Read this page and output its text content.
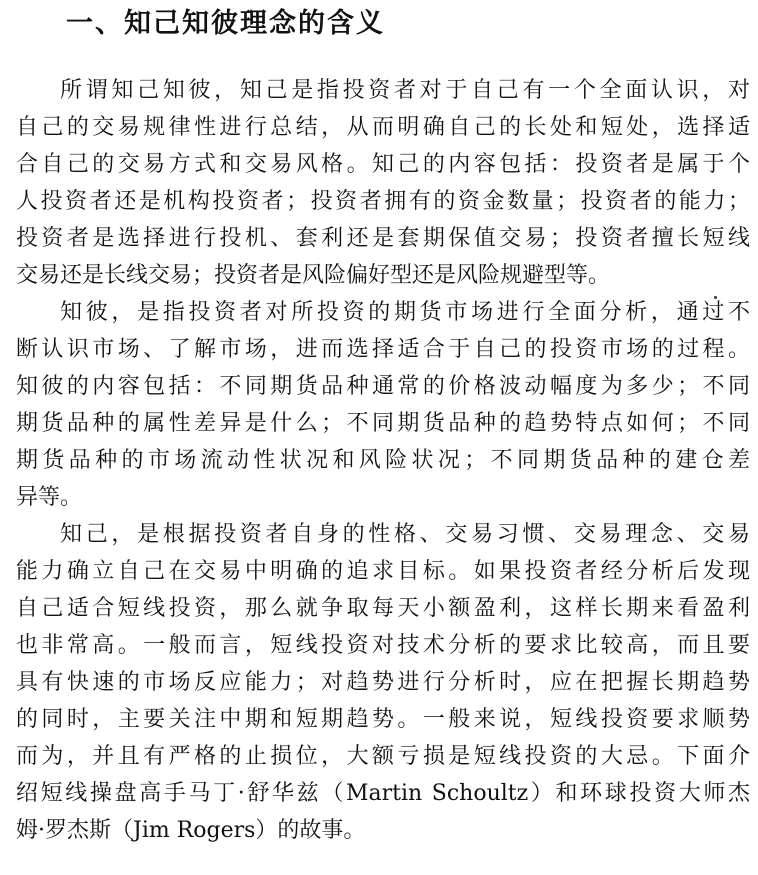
一、知己知彼理念的含义
所谓知己知彼，知己是指投资者对于自己有一个全面认识，对
自己的交易规律性进行总结，从而明确自己的长处和短处，选择适
合自己的交易方式和交易风格。知己的内容包括：投资者是属于个
人投资者还是机构投资者；投资者拥有的资金数量；投资者的能力；
投资者是选择进行投机、套利还是套期保值交易；投资者擅长短线
交易还是长线交易；投资者是风险偏好型还是风险规避型等。
知彼，是指投资者对所投资的期货市场进行全面分析，通过不
断认识市场、了解市场，进而选择适合于自己的投资市场的过程。
知彼的内容包括：不同期货品种通常的价格波动幅度为多少；不同
期货品种的属性差异是什么；不同期货品种的趋势特点如何；不同
期货品种的市场流动性状况和风险状况；不同期货品种的建仓差
异等。
知己，是根据投资者自身的性格、交易习惯、交易理念、交易
能力确立自己在交易中明确的追求目标。如果投资者经分析后发现
自己适合短线投资，那么就争取每天小额盈利，这样长期来看盈利
也非常高。一般而言，短线投资对技术分析的要求比较高，而且要
具有快速的市场反应能力；对趋势进行分析时，应在把握长期趋势
的同时，主要关注中期和短期趋势。一般来说，短线投资要求顺势
而为，并且有严格的止损位，大额亏损是短线投资的大忌。下面介
绍短线操盘高手马丁·舒华兹（Martin Schoultz）和环球投资大师杰
姆·罗杰斯（Jim Rogers）的故事。
